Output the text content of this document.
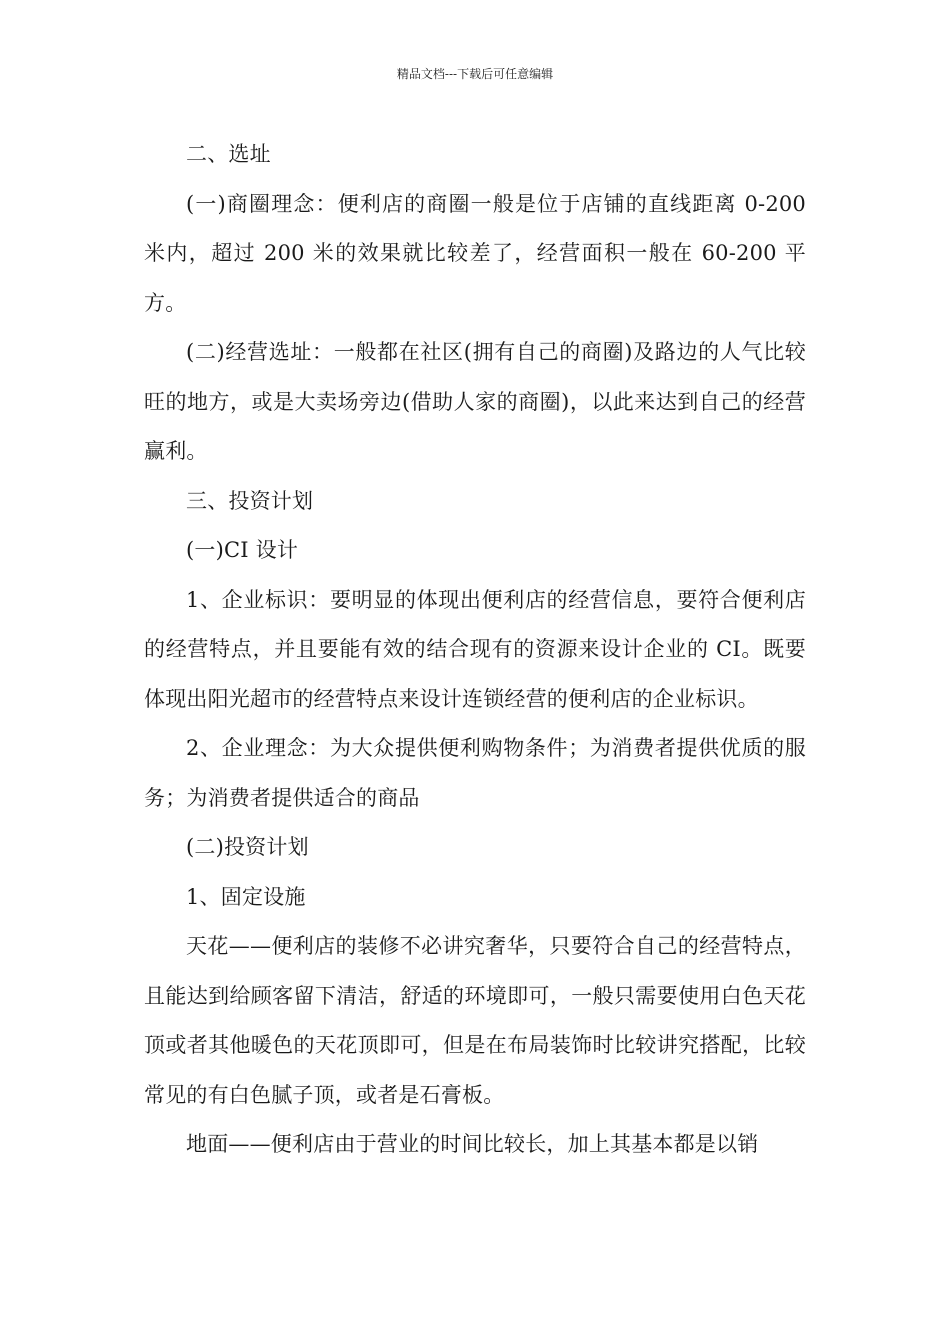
精品文档---下载后可任意编辑

二、选址

(一)商圈理念：便利店的商圈一般是位于店铺的直线距离 0-200 米内，超过 200 米的效果就比较差了，经营面积一般在 60-200 平方。

(二)经营选址：一般都在社区(拥有自己的商圈)及路边的人气比较旺的地方，或是大卖场旁边(借助人家的商圈)，以此来达到自己的经营赢利。

三、投资计划

(一)CI 设计

1、企业标识：要明显的体现出便利店的经营信息，要符合便利店的经营特点，并且要能有效的结合现有的资源来设计企业的 CI。既要体现出阳光超市的经营特点来设计连锁经营的便利店的企业标识。

2、企业理念：为大众提供便利购物条件；为消费者提供优质的服务；为消费者提供适合的商品

(二)投资计划

1、固定设施

天花——便利店的装修不必讲究奢华，只要符合自己的经营特点，且能达到给顾客留下清洁，舒适的环境即可，一般只需要使用白色天花顶或者其他暖色的天花顶即可，但是在布局装饰时比较讲究搭配，比较常见的有白色腻子顶，或者是石膏板。

地面——便利店由于营业的时间比较长，加上其基本都是以销
